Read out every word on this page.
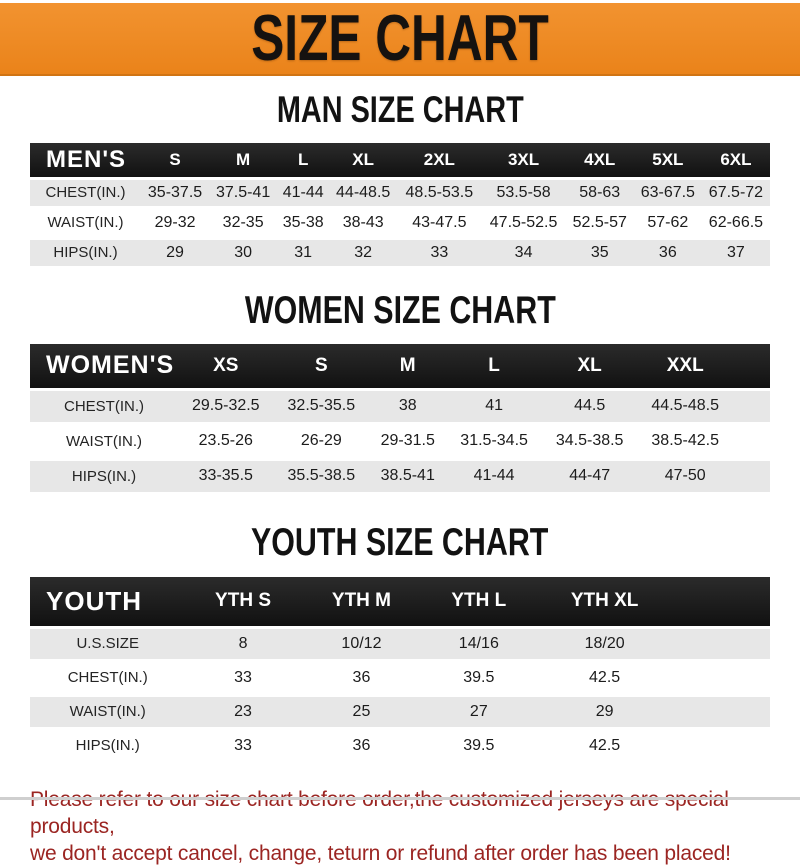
SIZE CHART
MAN SIZE CHART
MEN'S	S	M	L	XL	2XL	3XL	4XL	5XL	6XL
CHEST(IN.)	35-37.5	37.5-41	41-44	44-48.5	48.5-53.5	53.5-58	58-63	63-67.5	67.5-72
WAIST(IN.)	29-32	32-35	35-38	38-43	43-47.5	47.5-52.5	52.5-57	57-62	62-66.5
HIPS(IN.)	29	30	31	32	33	34	35	36	37
WOMEN SIZE CHART
WOMEN'S	XS	S	M	L	XL	XXL	
CHEST(IN.)	29.5-32.5	32.5-35.5	38	41	44.5	44.5-48.5	
WAIST(IN.)	23.5-26	26-29	29-31.5	31.5-34.5	34.5-38.5	38.5-42.5	
HIPS(IN.)	33-35.5	35.5-38.5	38.5-41	41-44	44-47	47-50	
YOUTH SIZE CHART
YOUTH	YTH S	YTH M	YTH L	YTH XL	
U.S.SIZE	8	10/12	14/16	18/20	
CHEST(IN.)	33	36	39.5	42.5	
WAIST(IN.)	23	25	27	29	
HIPS(IN.)	33	36	39.5	42.5	
products,
we don't accept cancel, change, teturn or refund after order has been placed!
